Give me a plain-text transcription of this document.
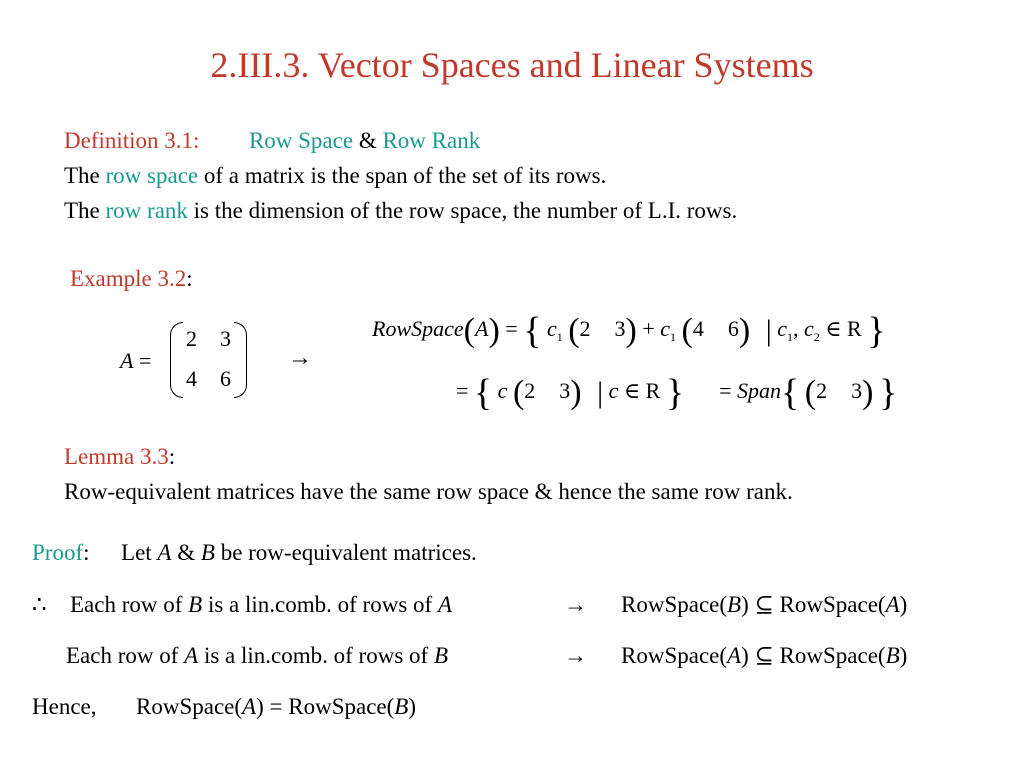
2.III.3. Vector Spaces and Linear Systems
Definition 3.1: Row Space & Row Rank
The row space of a matrix is the span of the set of its rows.
The row rank is the dimension of the row space, the number of L.I. rows.
Example 3.2:
A =
2 3
4 6
→
RowSpace(A) = { $c_1$ (2 $3) + c_1$ (4 6) | $c_1$, $c_2$ ∈ R }
= { c (2 3) | c ∈ R } = Span{ (2 3) }
Lemma 3.3:
Row-equivalent matrices have the same row space & hence the same row rank.
Proof: Let A & B be row-equivalent matrices.
∴ Each row of B is a lin.comb. of rows of A	→ RowSpace(B) ⊆ RowSpace(A)
Each row of A is a lin.comb. of rows of B	→ RowSpace(A) ⊆ RowSpace(B)
Hence, RowSpace(A) = RowSpace(B)
